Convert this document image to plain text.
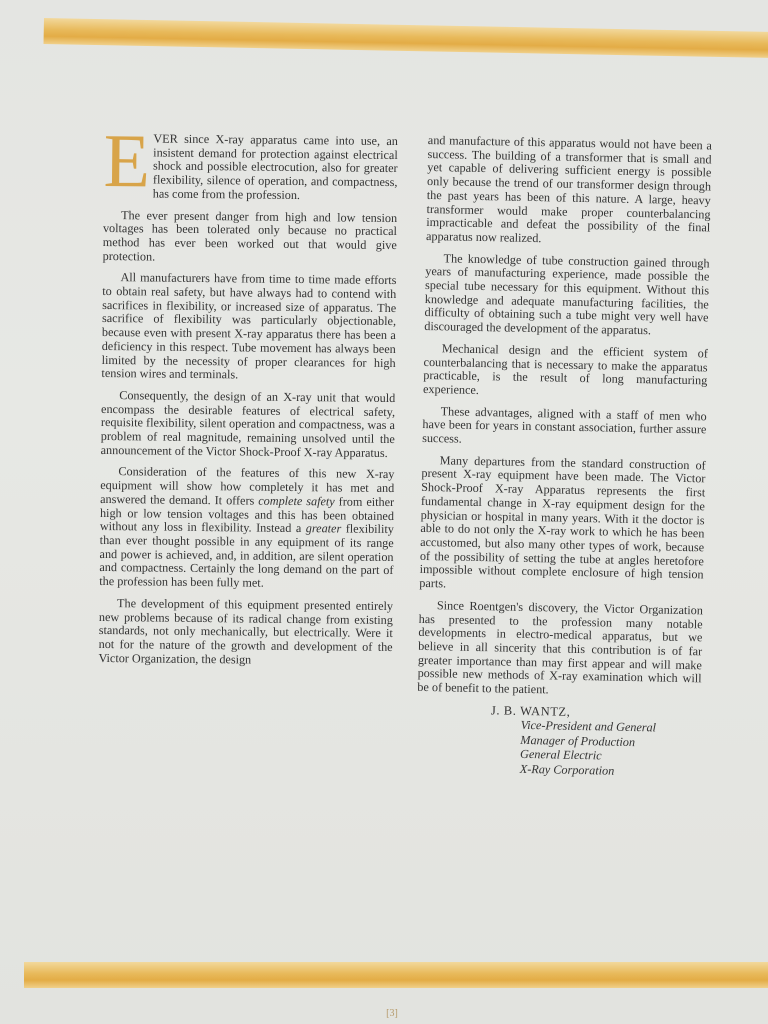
EVER since X-ray apparatus came into use, an insistent demand for protection against electrical shock and possible electrocution, also for greater flexibility, silence of operation, and compactness, has come from the profession.

The ever present danger from high and low tension voltages has been tolerated only because no practical method has ever been worked out that would give protection.

All manufacturers have from time to time made efforts to obtain real safety, but have always had to contend with sacrifices in flexibility, or increased size of apparatus. The sacrifice of flexibility was particularly objectionable, because even with present X-ray apparatus there has been a deficiency in this respect. Tube movement has always been limited by the necessity of proper clearances for high tension wires and terminals.

Consequently, the design of an X-ray unit that would encompass the desirable features of electrical safety, requisite flexibility, silent operation and compactness, was a problem of real magnitude, remaining unsolved until the announcement of the Victor Shock-Proof X-ray Apparatus.

Consideration of the features of this new X-ray equipment will show how completely it has met and answered the demand. It offers complete safety from either high or low tension voltages and this has been obtained without any loss in flexibility. Instead a greater flexibility than ever thought possible in any equipment of its range and power is achieved, and, in addition, are silent operation and compactness. Certainly the long demand on the part of the profession has been fully met.

The development of this equipment presented entirely new problems because of its radical change from existing standards, not only mechanically, but electrically. Were it not for the nature of the growth and development of the Victor Organization, the design

and manufacture of this apparatus would not have been a success. The building of a transformer that is small and yet capable of delivering sufficient energy is possible only because the trend of our transformer design through the past years has been of this nature. A large, heavy transformer would make proper counterbalancing impracticable and defeat the possibility of the final apparatus now realized.

The knowledge of tube construction gained through years of manufacturing experience, made possible the special tube necessary for this equipment. Without this knowledge and adequate manufacturing facilities, the difficulty of obtaining such a tube might very well have discouraged the development of the apparatus.

Mechanical design and the efficient system of counterbalancing that is necessary to make the apparatus practicable, is the result of long manufacturing experience.

These advantages, aligned with a staff of men who have been for years in constant association, further assure success.

Many departures from the standard construction of present X-ray equipment have been made. The Victor Shock-Proof X-ray Apparatus represents the first fundamental change in X-ray equipment design for the physician or hospital in many years. With it the doctor is able to do not only the X-ray work to which he has been accustomed, but also many other types of work, because of the possibility of setting the tube at angles heretofore impossible without complete enclosure of high tension parts.

Since Roentgen's discovery, the Victor Organization has presented to the profession many notable developments in electro-medical apparatus, but we believe in all sincerity that this contribution is of far greater importance than may first appear and will make possible new methods of X-ray examination which will be of benefit to the patient.

J. B. WANTZ,
Vice-President and General
Manager of Production
General Electric
X-Ray Corporation
[3]
